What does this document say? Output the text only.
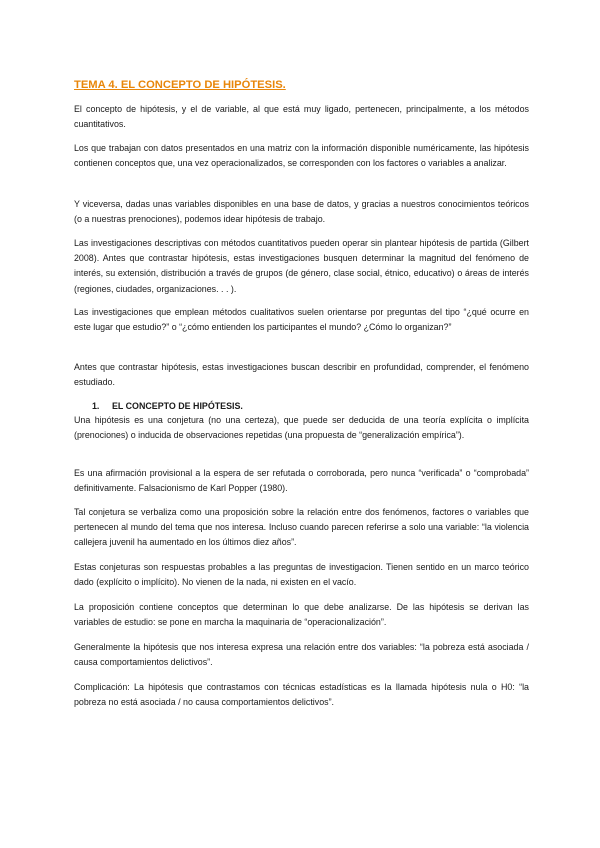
TEMA 4. EL CONCEPTO DE HIPÓTESIS.

El concepto de hipótesis, y el de variable, al que está muy ligado, pertenecen, principalmente, a los métodos cuantitativos.

Los que trabajan con datos presentados en una matriz con la información disponible numéricamente, las hipótesis contienen conceptos que, una vez operacionalizados, se corresponden con los factores o variables a analizar.

Y viceversa, dadas unas variables disponibles en una base de datos, y gracias a nuestros conocimientos teóricos (o a nuestras prenociones), podemos idear hipótesis de trabajo.

Las investigaciones descriptivas con métodos cuantitativos pueden operar sin plantear hipótesis de partida (Gilbert 2008). Antes que contrastar hipótesis, estas investigaciones busquen determinar la magnitud del fenómeno de interés, su extensión, distribución a través de grupos (de género, clase social, étnico, educativo) o áreas de interés (regiones, ciudades, organizaciones. . . ).

Las investigaciones que emplean métodos cualitativos suelen orientarse por preguntas del tipo “¿qué ocurre en este lugar que estudio?” o “¿cómo entienden los participantes el mundo? ¿Cómo lo organizan?”

Antes que contrastar hipótesis, estas investigaciones buscan describir en profundidad, comprender, el fenómeno estudiado.

1. EL CONCEPTO DE HIPÓTESIS.

Una hipótesis es una conjetura (no una certeza), que puede ser deducida de una teoría explícita o implícita (prenociones) o inducida de observaciones repetidas (una propuesta de “generalización empírica”).

Es una afirmación provisional a la espera de ser refutada o corroborada, pero nunca “verificada” o “comprobada” definitivamente. Falsacionismo de Karl Popper (1980).

Tal conjetura se verbaliza como una proposición sobre la relación entre dos fenómenos, factores o variables que pertenecen al mundo del tema que nos interesa. Incluso cuando parecen referirse a solo una variable: “la violencia callejera juvenil ha aumentado en los últimos diez años”.

Estas conjeturas son respuestas probables a las preguntas de investigacion. Tienen sentido en un marco teórico dado (explícito o implícito). No vienen de la nada, ni existen en el vacío.

La proposición contiene conceptos que determinan lo que debe analizarse. De las hipótesis se derivan las variables de estudio: se pone en marcha la maquinaria de “operacionalización”.

Generalmente la hipótesis que nos interesa expresa una relación entre dos variables: “la pobreza está asociada / causa comportamientos delictivos”.

Complicación: La hipótesis que contrastamos con técnicas estadísticas es la llamada hipótesis nula o H0: “la pobreza no está asociada / no causa comportamientos delictivos”.
